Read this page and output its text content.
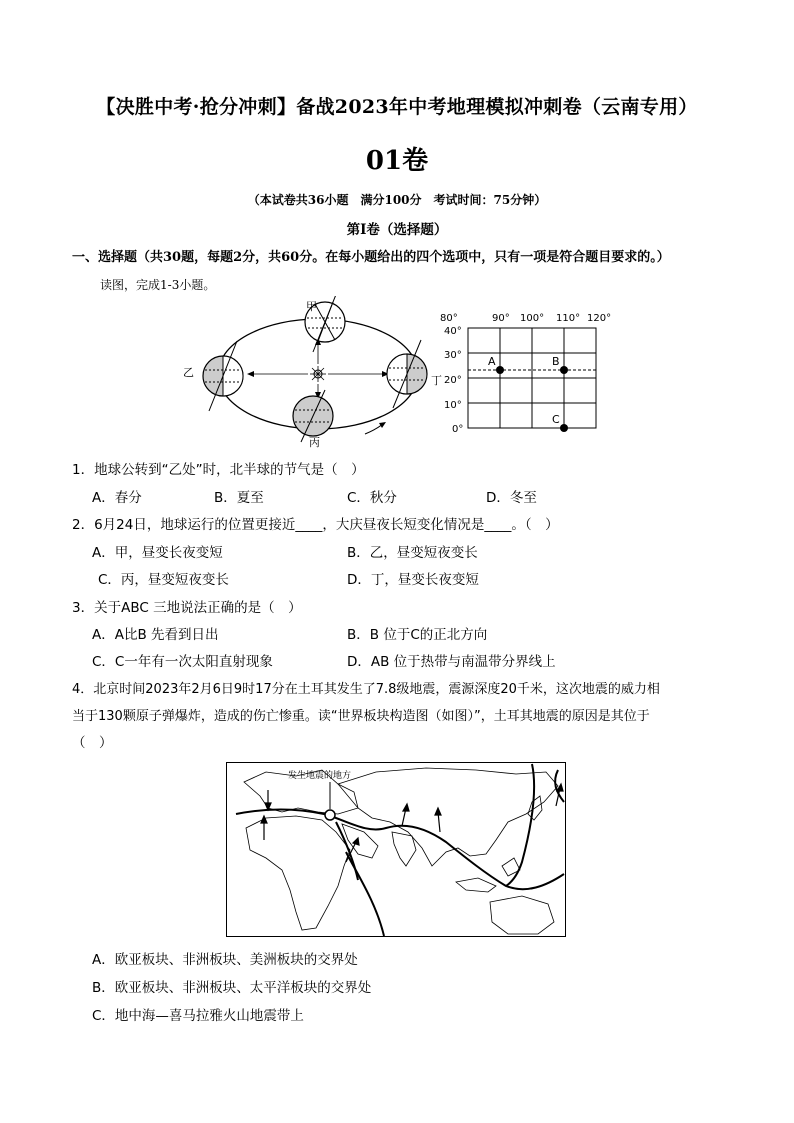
【决胜中考·抢分冲刺】备战2023年中考地理模拟冲刺卷（云南专用）
01卷
（本试卷共36小题　满分100分　考试时间：75分钟）
第Ⅰ卷（选择题）
一、选择题（共30题，每题2分，共60分。在每小题给出的四个选项中，只有一项是符合题目要求的。）
读图，完成1-3小题。
甲
乙
丙
丁
80°	90° 100° 110° 120°
40°
30°
20°
10°
0°
A	B
C
1．地球公转到“乙处”时，北半球的节气是（　）
A．春分	B．夏至	C．秋分	D．冬至
2．6月24日，地球运行的位置更接近____，大庆昼夜长短变化情况是____。（　）
A．甲，昼变长夜变短	B．乙，昼变短夜变长
C．丙，昼变短夜变长	D．丁，昼变长夜变短
3．关于ABC 三地说法正确的是（　）
A．A比B 先看到日出	B．B 位于C的正北方向
C．C一年有一次太阳直射现象	D．AB 位于热带与南温带分界线上
4．北京时间2023年2月6日9时17分在土耳其发生了7.8级地震，震源深度20千米，这次地震的威力相
当于130颗原子弹爆炸，造成的伤亡惨重。读“世界板块构造图（如图）”，土耳其地震的原因是其位于
（　）
发生地震的地方
A．欧亚板块、非洲板块、美洲板块的交界处
B．欧亚板块、非洲板块、太平洋板块的交界处
C．地中海—喜马拉雅火山地震带上
